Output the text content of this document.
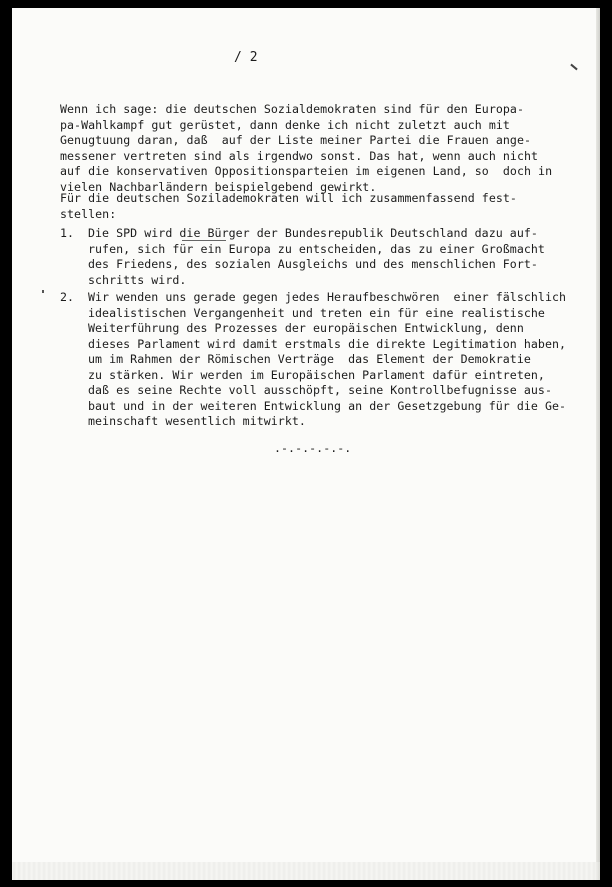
/ 2

Wenn ich sage: die deutschen Sozialdemokraten sind für den Europa-
pa-Wahlkampf gut gerüstet, dann denke ich nicht zuletzt auch mit
Genugtuung daran, daß  auf der Liste meiner Partei die Frauen ange-
messener vertreten sind als irgendwo sonst. Das hat, wenn auch nicht
auf die konservativen Oppositionsparteien im eigenen Land, so  doch in
vielen Nachbarländern beispielgebend gewirkt.

Für die deutschen Sozilademokraten will ich zusammenfassend fest-
stellen:

1. Die SPD wird die Bürger der Bundesrepublik Deutschland dazu auf-
rufen, sich für ein Europa zu entscheiden, das zu einer Großmacht
des Friedens, des sozialen Ausgleichs und des menschlichen Fort-
schritts wird.
2. Wir wenden uns gerade gegen jedes Heraufbeschwören  einer fälschlich
idealistischen Vergangenheit und treten ein für eine realistische
Weiterführung des Prozesses der europäischen Entwicklung, denn
dieses Parlament wird damit erstmals die direkte Legitimation haben,
um im Rahmen der Römischen Verträge  das Element der Demokratie
zu stärken. Wir werden im Europäischen Parlament dafür eintreten,
daß es seine Rechte voll ausschöpft, seine Kontrollbefugnisse aus-
baut und in der weiteren Entwicklung an der Gesetzgebung für die Ge-
meinschaft wesentlich mitwirkt.
.-.-.-.-.-.
